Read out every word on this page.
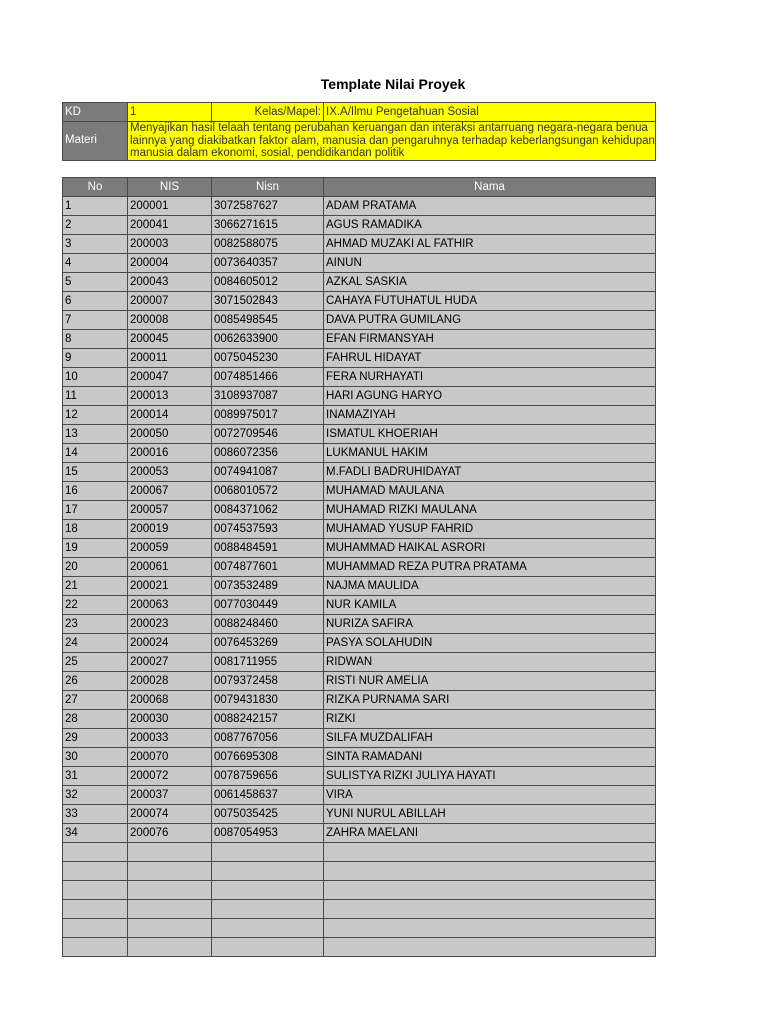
Template Nilai Proyek
KD	1	Kelas/Mapel:	IX.A/Ilmu Pengetahuan Sosial
Materi	Menyajikan hasil telaah tentang perubahan keruangan dan interaksi antarruang negara-negara benua lainnya yang diakibatkan faktor alam, manusia dan pengaruhnya terhadap keberlangsungan kehidupan manusia dalam ekonomi, sosial, pendidikandan politik		
No	NIS	Nisn	Nama
1	200001	3072587627	ADAM PRATAMA
2	200041	3066271615	AGUS RAMADIKA
3	200003	0082588075	AHMAD MUZAKI AL FATHIR
4	200004	0073640357	AINUN
5	200043	0084605012	AZKAL SASKIA
6	200007	3071502843	CAHAYA FUTUHATUL HUDA
7	200008	0085498545	DAVA PUTRA GUMILANG
8	200045	0062633900	EFAN FIRMANSYAH
9	200011	0075045230	FAHRUL HIDAYAT
10	200047	0074851466	FERA NURHAYATI
11	200013	3108937087	HARI AGUNG HARYO
12	200014	0089975017	INAMAZIYAH
13	200050	0072709546	ISMATUL KHOERIAH
14	200016	0086072356	LUKMANUL HAKIM
15	200053	0074941087	M.FADLI BADRUHIDAYAT
16	200067	0068010572	MUHAMAD MAULANA
17	200057	0084371062	MUHAMAD RIZKI MAULANA
18	200019	0074537593	MUHAMAD YUSUP FAHRID
19	200059	0088484591	MUHAMMAD HAIKAL ASRORI
20	200061	0074877601	MUHAMMAD REZA PUTRA PRATAMA
21	200021	0073532489	NAJMA MAULIDA
22	200063	0077030449	NUR KAMILA
23	200023	0088248460	NURIZA SAFIRA
24	200024	0076453269	PASYA SOLAHUDIN
25	200027	0081711955	RIDWAN
26	200028	0079372458	RISTI NUR AMELIA
27	200068	0079431830	RIZKA PURNAMA SARI
28	200030	0088242157	RIZKI
29	200033	0087767056	SILFA MUZDALIFAH
30	200070	0076695308	SINTA RAMADANI
31	200072	0078759656	SULISTYA RIZKI JULIYA HAYATI
32	200037	0061458637	VIRA
33	200074	0075035425	YUNI NURUL ABILLAH
34	200076	0087054953	ZAHRA MAELANI
